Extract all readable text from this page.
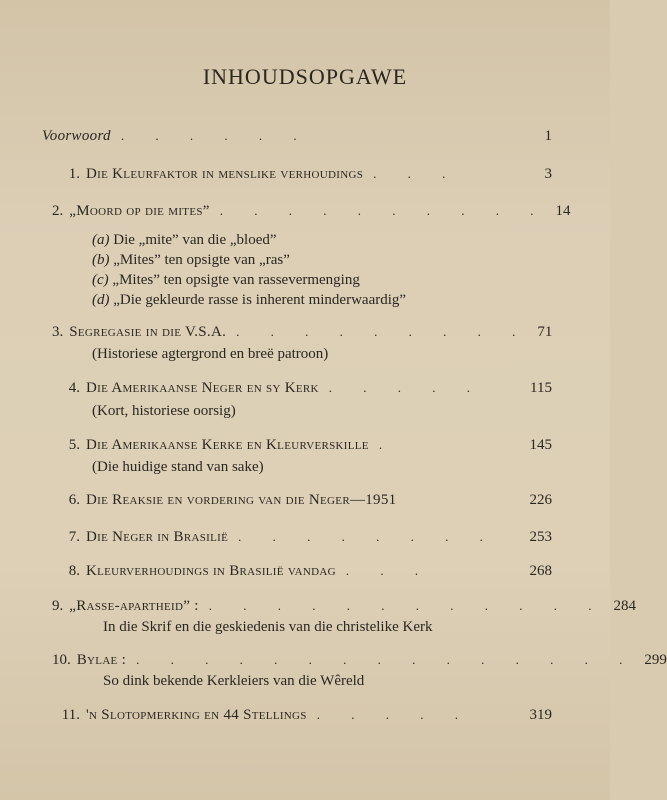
INHOUDSOPGAWE
Voorwoord . . . . . .	1
1. Die Kleurfaktor in menslike verhoudings . . .	3
2. „Moord op die mites” . . . . . . . . . . 14
(a) Die „mite” van die „bloed”
(b) „Mites” ten opsigte van „ras”
(c) „Mites” ten opsigte van rassevermenging
(d) „Die gekleurde rasse is inherent minderwaardig”
3. Segregasie in die V.S.A. . . . . . . . . . 71
(Historiese agtergrond en breë patroon)
4. Die Amerikaanse Neger en sy Kerk . . . . .	115
(Kort, historiese oorsig)
5. Die Amerikaanse Kerke en Kleurverskille .	145
(Die huidige stand van sake)
6. Die Reaksie en vordering van die Neger—1951	226
7. Die Neger in Brasilië . . . . . . . .	253
8. Kleurverhoudings in Brasilië vandag . . .	268
9. „Rasse-apartheid” : . . . . . . . . . . . . 284
In die Skrif en die geskiedenis van die christelike Kerk
10. Bylae : . . . . . . . . . . . . . . . 299
So dink bekende Kerkleiers van die Wêreld
11. 'n Slotopmerking en 44 Stellings . . . . .	319
